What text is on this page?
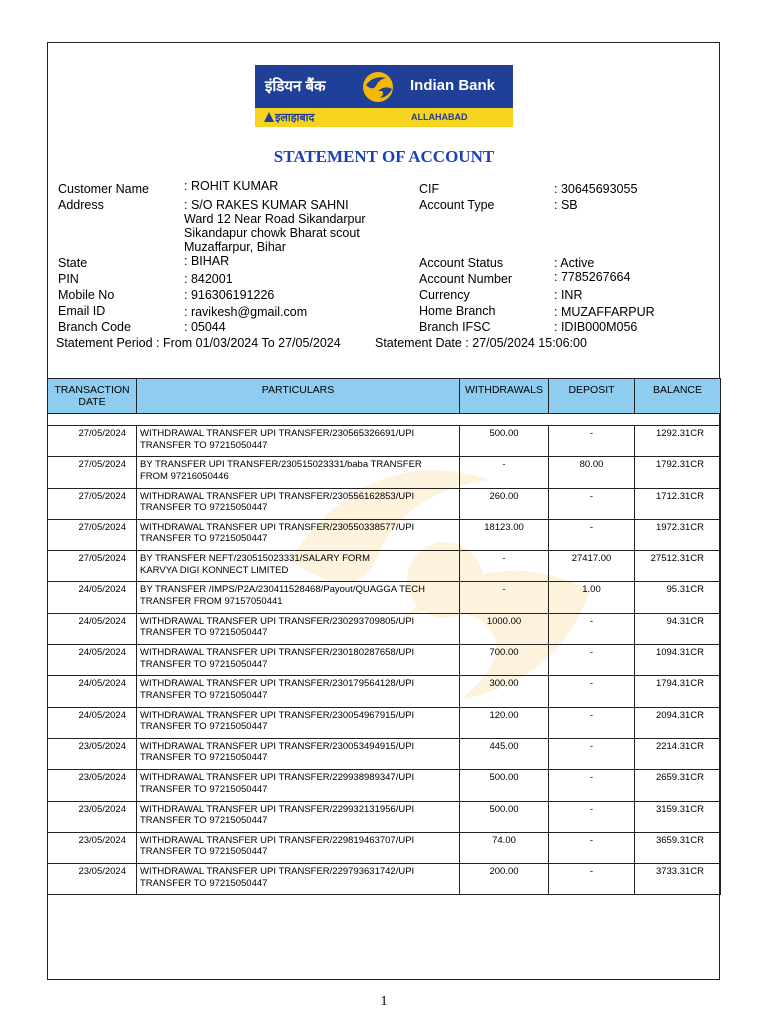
इंडियन बैंक	Indian Bank
इलाहाबाद	ALLAHABAD
STATEMENT OF ACCOUNT
Customer Name	: ROHIT KUMAR
Address	: S/O RAKES KUMAR SAHNI
Ward 12 Near Road Sikandarpur
Sikandapur chowk Bharat scout
Muzaffarpur, Bihar
State	: BIHAR
PIN	: 842001
Mobile No	: 916306191226
Email ID	: ravikesh@gmail.com
Branch Code	: 05044
CIF	: 30645693055
Account Type	: SB
Account Status	: Active
Account Number	: 7785267664
Currency	: INR
Home Branch	: MUZAFFARPUR
Branch IFSC	: IDIB000M056
Statement Period : From 01/03/2024 To 27/05/2024	Statement Date : 27/05/2024 15:06:00
TRANSACTION
DATE	PARTICULARS	WITHDRAWALS	DEPOSIT	BALANCE

27/05/2024	WITHDRAWAL TRANSFER UPI TRANSFER/230565326691/UPI
TRANSFER TO 97215050447	500.00	-	1292.31CR
27/05/2024	BY TRANSFER UPI TRANSFER/230515023331/baba TRANSFER
FROM 97216050446	-	80.00	1792.31CR
27/05/2024	WITHDRAWAL TRANSFER UPI TRANSFER/230556162853/UPI
TRANSFER TO 97215050447	260.00	-	1712.31CR
27/05/2024	WITHDRAWAL TRANSFER UPI TRANSFER/230550338577/UPI
TRANSFER TO 97215050447	18123.00	-	1972.31CR
27/05/2024	BY TRANSFER NEFT/230515023331/SALARY FORM
KARVYA DIGI KONNECT LIMITED	-	27417.00	27512.31CR
24/05/2024	BY TRANSFER /IMPS/P2A/230411528468/Payout/QUAGGA TECH
TRANSFER FROM 97157050441	-	1.00	95.31CR
24/05/2024	WITHDRAWAL TRANSFER UPI TRANSFER/230293709805/UPI
TRANSFER TO 97215050447	1000.00	-	94.31CR
24/05/2024	WITHDRAWAL TRANSFER UPI TRANSFER/230180287658/UPI
TRANSFER TO 97215050447	700.00	-	1094.31CR
24/05/2024	WITHDRAWAL TRANSFER UPI TRANSFER/230179564128/UPI
TRANSFER TO 97215050447	300.00	-	1794.31CR
24/05/2024	WITHDRAWAL TRANSFER UPI TRANSFER/230054967915/UPI
TRANSFER TO 97215050447	120.00	-	2094.31CR
23/05/2024	WITHDRAWAL TRANSFER UPI TRANSFER/230053494915/UPI
TRANSFER TO 97215050447	445.00	-	2214.31CR
23/05/2024	WITHDRAWAL TRANSFER UPI TRANSFER/229938989347/UPI
TRANSFER TO 97215050447	500.00	-	2659.31CR
23/05/2024	WITHDRAWAL TRANSFER UPI TRANSFER/229932131956/UPI
TRANSFER TO 97215050447	500.00	-	3159.31CR
23/05/2024	WITHDRAWAL TRANSFER UPI TRANSFER/229819463707/UPI
TRANSFER TO 97215050447	74.00	-	3659.31CR
23/05/2024	WITHDRAWAL TRANSFER UPI TRANSFER/229793631742/UPI
TRANSFER TO 97215050447	200.00	-	3733.31CR

1
